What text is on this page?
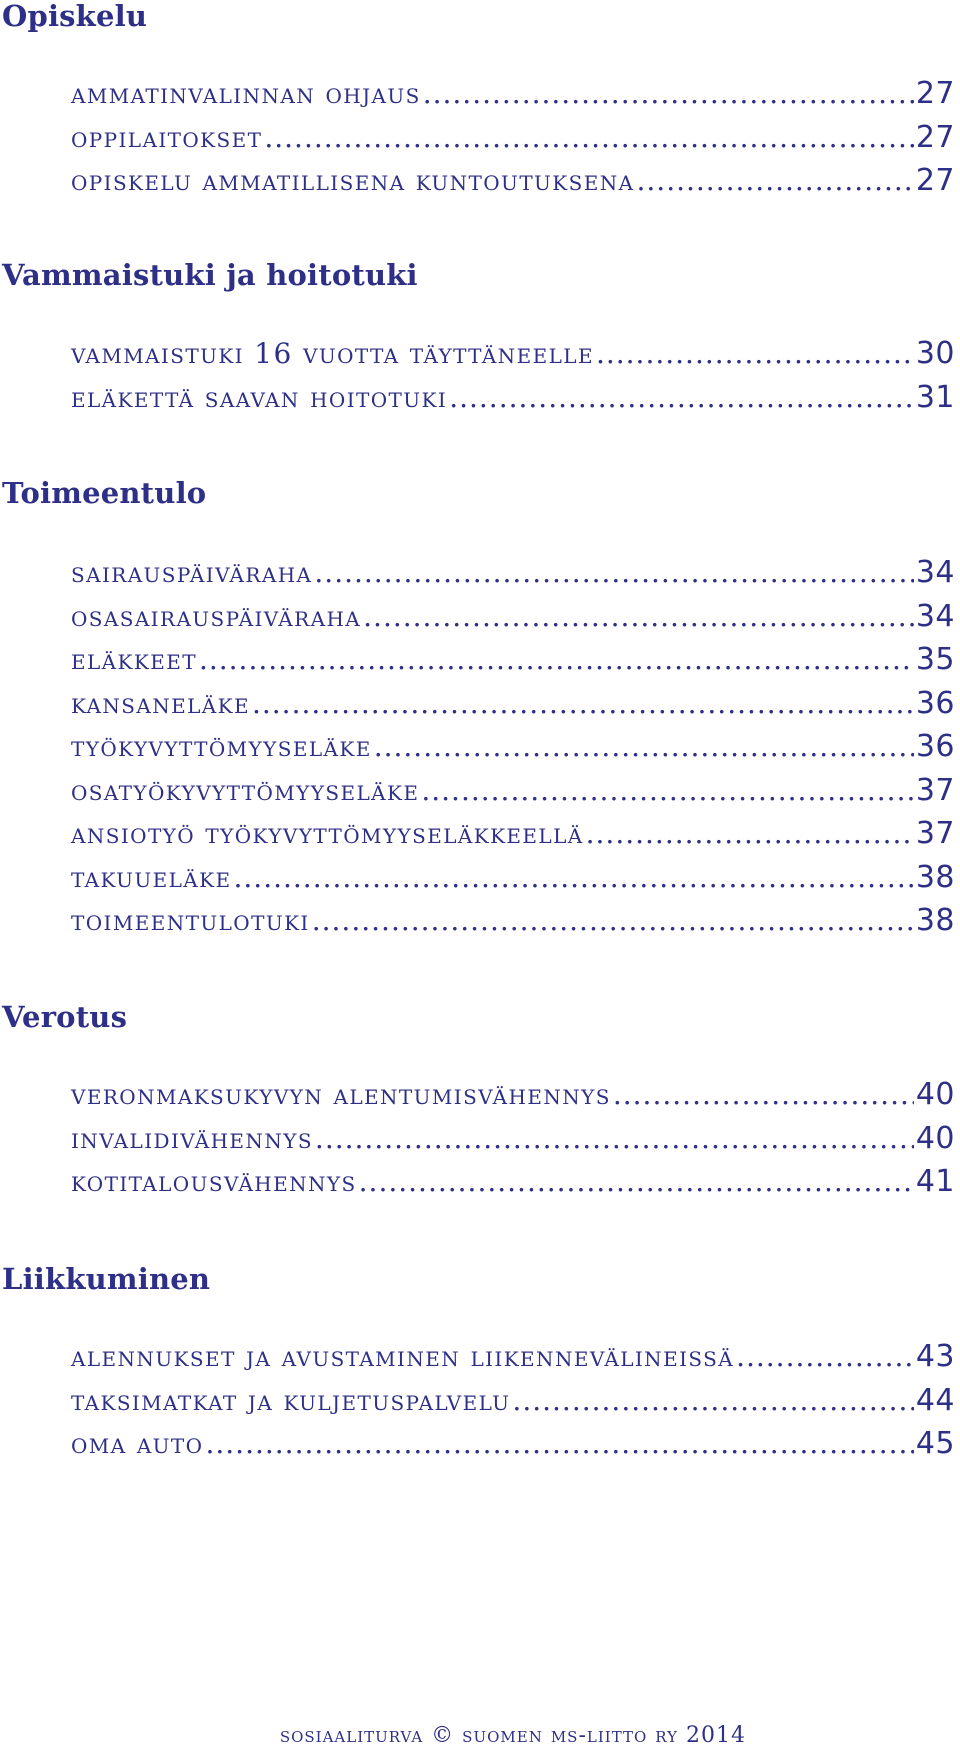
Opiskelu
ammatinvalinnan ohjaus .....	27
oppilaitokset .....	27
opiskelu ammatillisena kuntoutuksena .....	27
Vammaistuki ja hoitotuki
vammaistuki 16 vuotta täyttäneelle .....	30
eläkettä saavan hoitotuki .....	31
Toimeentulo
sairauspäiväraha .....	34
osasairauspäiväraha .....	34
eläkkeet .....	35
kansaneläke .....	36
työkyvyttömyyseläke .....	36
osatyökyvyttömyyseläke .....	37
ansiotyö työkyvyttömyyseläkkeellä .....	37
takuueläke .....	38
toimeentulotuki .....	38
Verotus
veronmaksukyvyn alentumisvähennys .....	40
invalidivähennys .....	40
kotitalousvähennys .....	41
Liikkuminen
alennukset ja avustaminen liikennevälineissä .....	43
taksimatkat ja kuljetuspalvelu .....	44
oma auto .....	45
sosiaaliturva © suomen ms-liitto ry 2014
